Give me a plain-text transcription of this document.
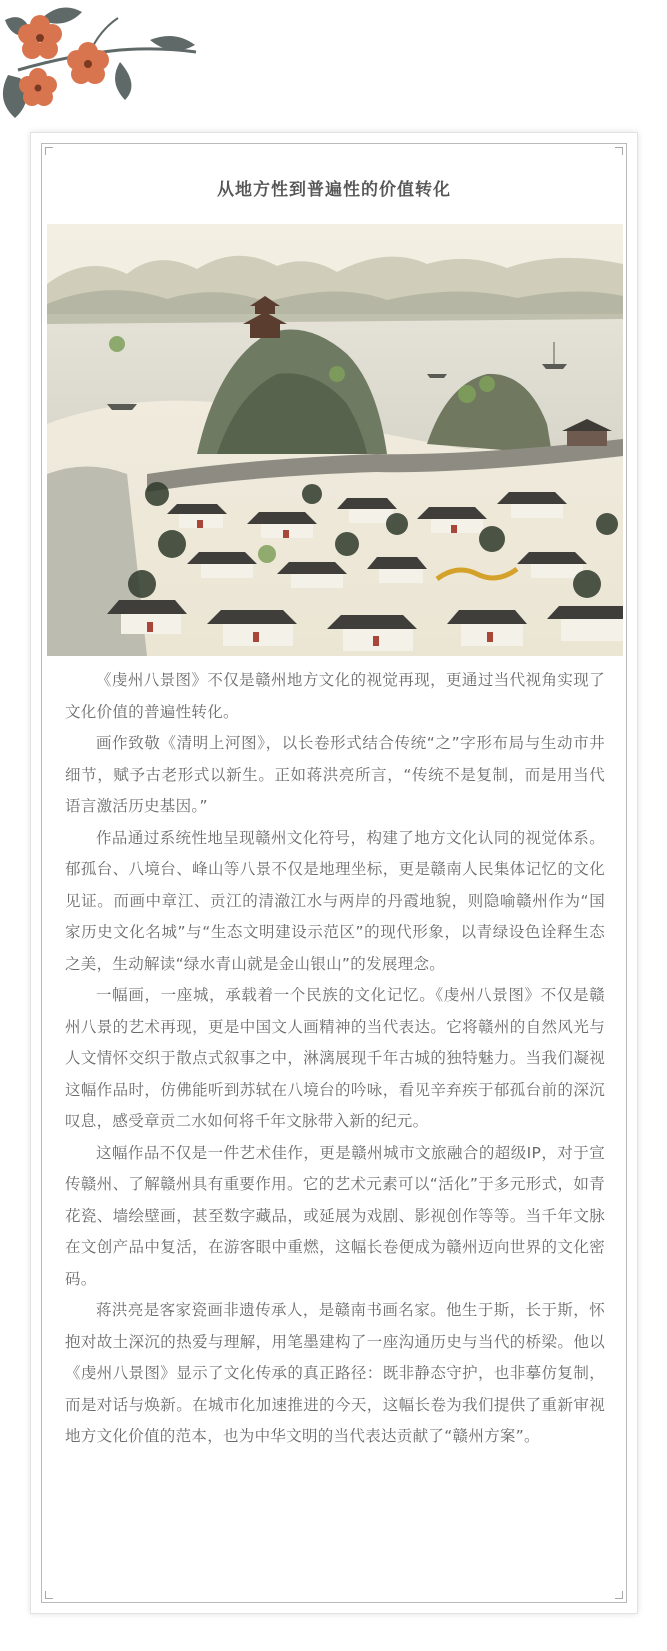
从地方性到普遍性的价值转化

《虔州八景图》不仅是赣州地方文化的视觉再现，更通过当代视角实现了文化价值的普遍性转化。

画作致敬《清明上河图》，以长卷形式结合传统“之”字形布局与生动市井细节，赋予古老形式以新生。正如蒋洪亮所言，“传统不是复制，而是用当代语言激活历史基因。”

作品通过系统性地呈现赣州文化符号，构建了地方文化认同的视觉体系。郁孤台、八境台、峰山等八景不仅是地理坐标，更是赣南人民集体记忆的文化见证。而画中章江、贡江的清澈江水与两岸的丹霞地貌，则隐喻赣州作为“国家历史文化名城”与“生态文明建设示范区”的现代形象，以青绿设色诠释生态之美，生动解读“绿水青山就是金山银山”的发展理念。

一幅画，一座城，承载着一个民族的文化记忆。《虔州八景图》不仅是赣州八景的艺术再现，更是中国文人画精神的当代表达。它将赣州的自然风光与人文情怀交织于散点式叙事之中，淋漓展现千年古城的独特魅力。当我们凝视这幅作品时，仿佛能听到苏轼在八境台的吟咏，看见辛弃疾于郁孤台前的深沉叹息，感受章贡二水如何将千年文脉带入新的纪元。

这幅作品不仅是一件艺术佳作，更是赣州城市文旅融合的超级IP，对于宣传赣州、了解赣州具有重要作用。它的艺术元素可以“活化”于多元形式，如青花瓷、墙绘壁画，甚至数字藏品，或延展为戏剧、影视创作等等。当千年文脉在文创产品中复活，在游客眼中重燃，这幅长卷便成为赣州迈向世界的文化密码。

蒋洪亮是客家瓷画非遗传承人，是赣南书画名家。他生于斯，长于斯，怀抱对故土深沉的热爱与理解，用笔墨建构了一座沟通历史与当代的桥梁。他以《虔州八景图》显示了文化传承的真正路径：既非静态守护，也非摹仿复制，而是对话与焕新。在城市化加速推进的今天，这幅长卷为我们提供了重新审视地方文化价值的范本，也为中华文明的当代表达贡献了“赣州方案”。
